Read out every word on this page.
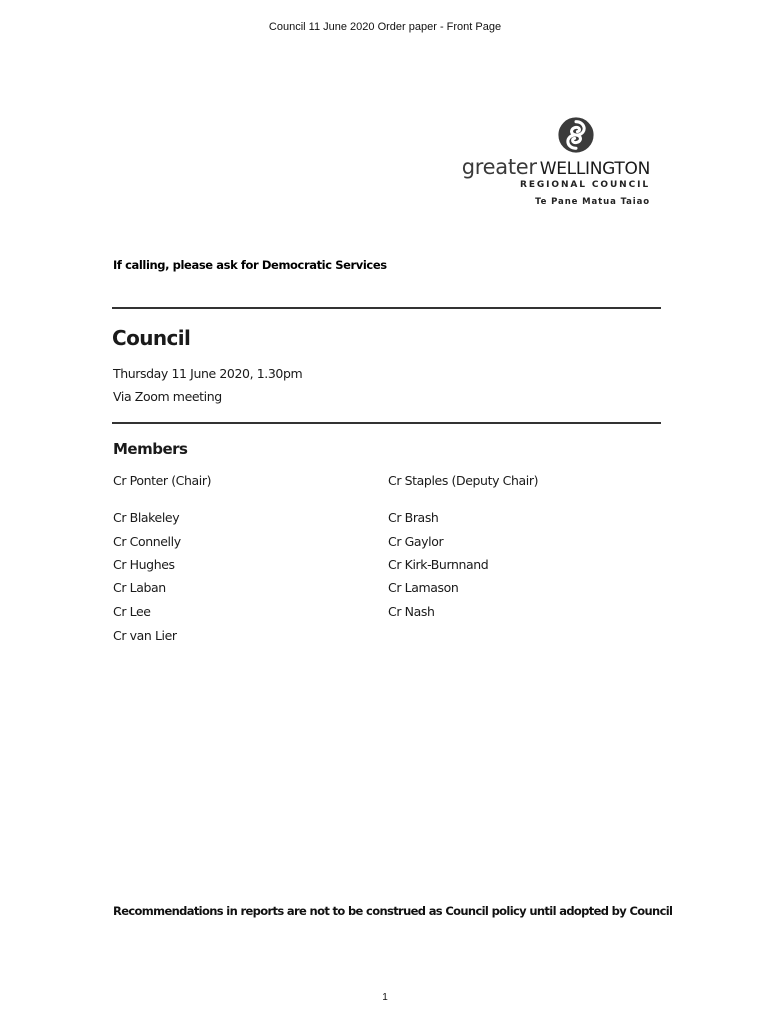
Council 11 June 2020 Order paper - Front Page
greater WELLINGTON
REGIONAL COUNCIL
Te Pane Matua Taiao
If calling, please ask for Democratic Services
Council
Thursday 11 June 2020, 1.30pm
Via Zoom meeting
Members
Cr Ponter (Chair)
Cr Blakeley
Cr Connelly
Cr Hughes
Cr Laban
Cr Lee
Cr van Lier
Cr Staples (Deputy Chair)
Cr Brash
Cr Gaylor
Cr Kirk-Burnnand
Cr Lamason
Cr Nash
Recommendations in reports are not to be construed as Council policy until adopted by Council
1
